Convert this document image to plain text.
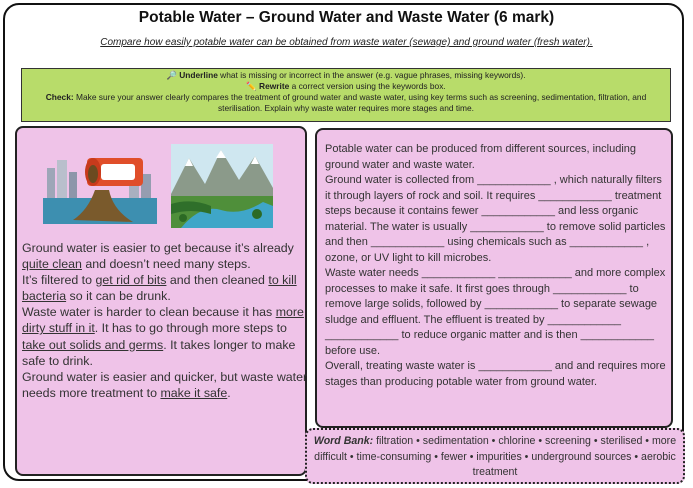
Potable Water – Ground Water and Waste Water (6 mark)
Compare how easily potable water can be obtained from waste water (sewage) and ground water (fresh water).
🔎 Underline what is missing or incorrect in the answer (e.g. vague phrases, missing keywords).
✏️ Rewrite a correct version using the keywords box.
Check: Make sure your answer clearly compares the treatment of ground water and waste water, using key terms such as screening, sedimentation, filtration, and sterilisation. Explain why waste water requires more stages and time.
Ground water is easier to get because it’s already quite clean and doesn’t need many steps.
It’s filtered to get rid of bits and then cleaned to kill bacteria so it can be drunk.
Waste water is harder to clean because it has more dirty stuff in it. It has to go through more steps to take out solids and germs. It takes longer to make safe to drink.
Ground water is easier and quicker, but waste water needs more treatment to make it safe.
Potable water can be produced from different sources, including ground water and waste water.
Ground water is collected from ____________ , which naturally filters it through layers of rock and soil. It requires ____________ treatment steps because it contains fewer ____________ and less organic material. The water is usually ____________ to remove solid particles and then ____________ using chemicals such as ____________ , ozone, or UV light to kill microbes.
Waste water needs ____________ ____________ and more complex processes to make it safe. It first goes through ____________ to remove large solids, followed by ____________ to separate sewage sludge and effluent. The effluent is treated by ____________ ____________ to reduce organic matter and is then ____________ before use.
Overall, treating waste water is ____________ and and requires more stages than producing potable water from ground water.
Word Bank: filtration • sedimentation • chlorine • screening • sterilised • more difficult • time-consuming • fewer • impurities • underground sources • aerobic treatment
